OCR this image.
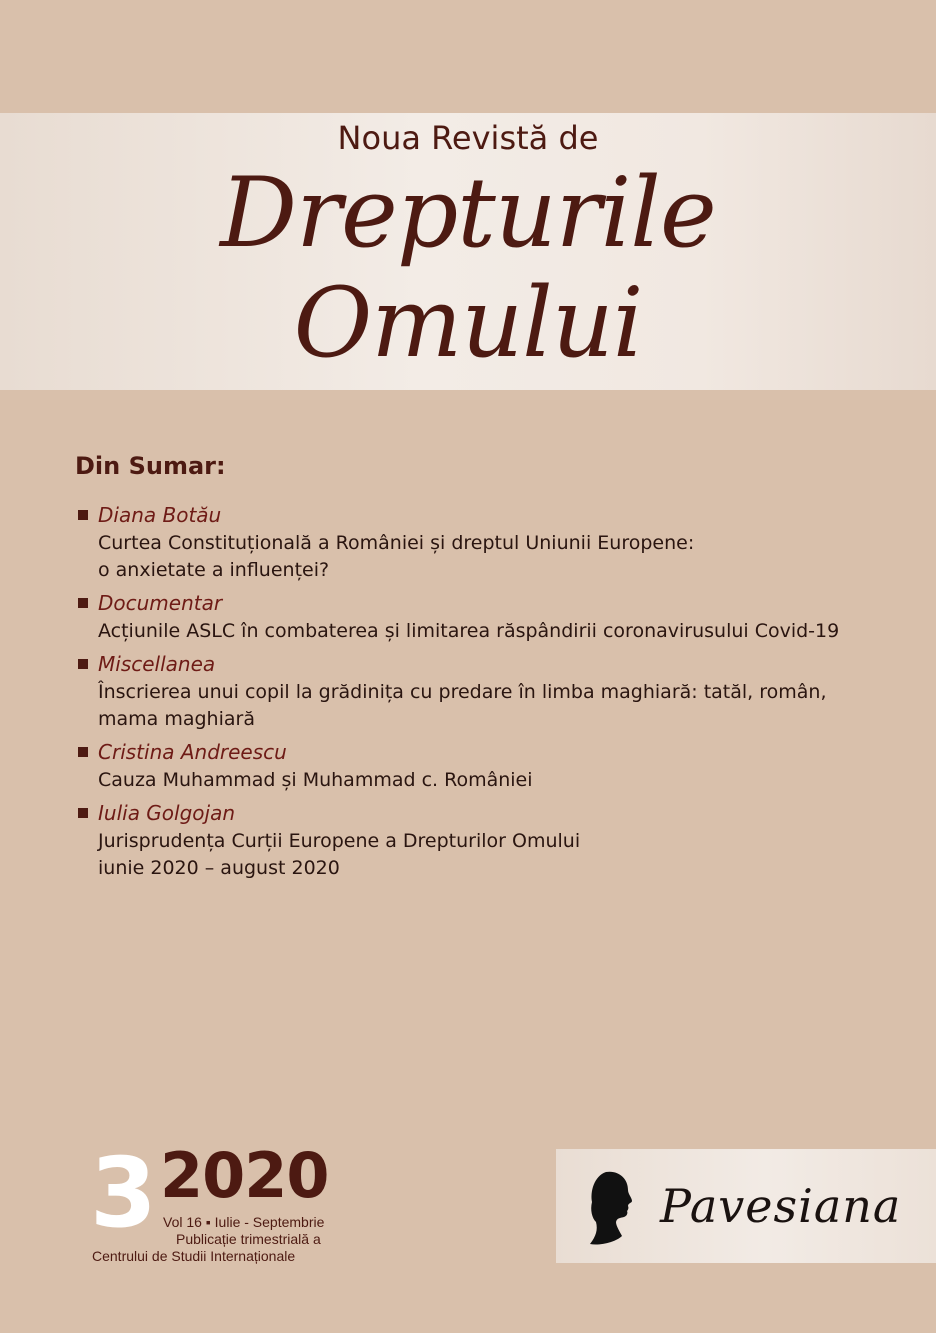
Noua Revistă de
Drepturile
Omului
Din Sumar:
Diana Botău
Curtea Constituțională a României și dreptul Uniunii Europene:
o anxietate a influenței?
Documentar
Acțiunile ASLC în combaterea și limitarea răspândirii coronavirusului Covid-19
Miscellanea
Înscrierea unui copil la grădinița cu predare în limba maghiară: tatăl, român,
mama maghiară
Cristina Andreescu
Cauza Muhammad și Muhammad c. României
Iulia Golgojan
Jurisprudența Curții Europene a Drepturilor Omului
iunie 2020 – august 2020
3 2020
Vol 16 ▪ Iulie - Septembrie
Publicație trimestrială a
Centrului de Studii Internaționale
Pavesiana
